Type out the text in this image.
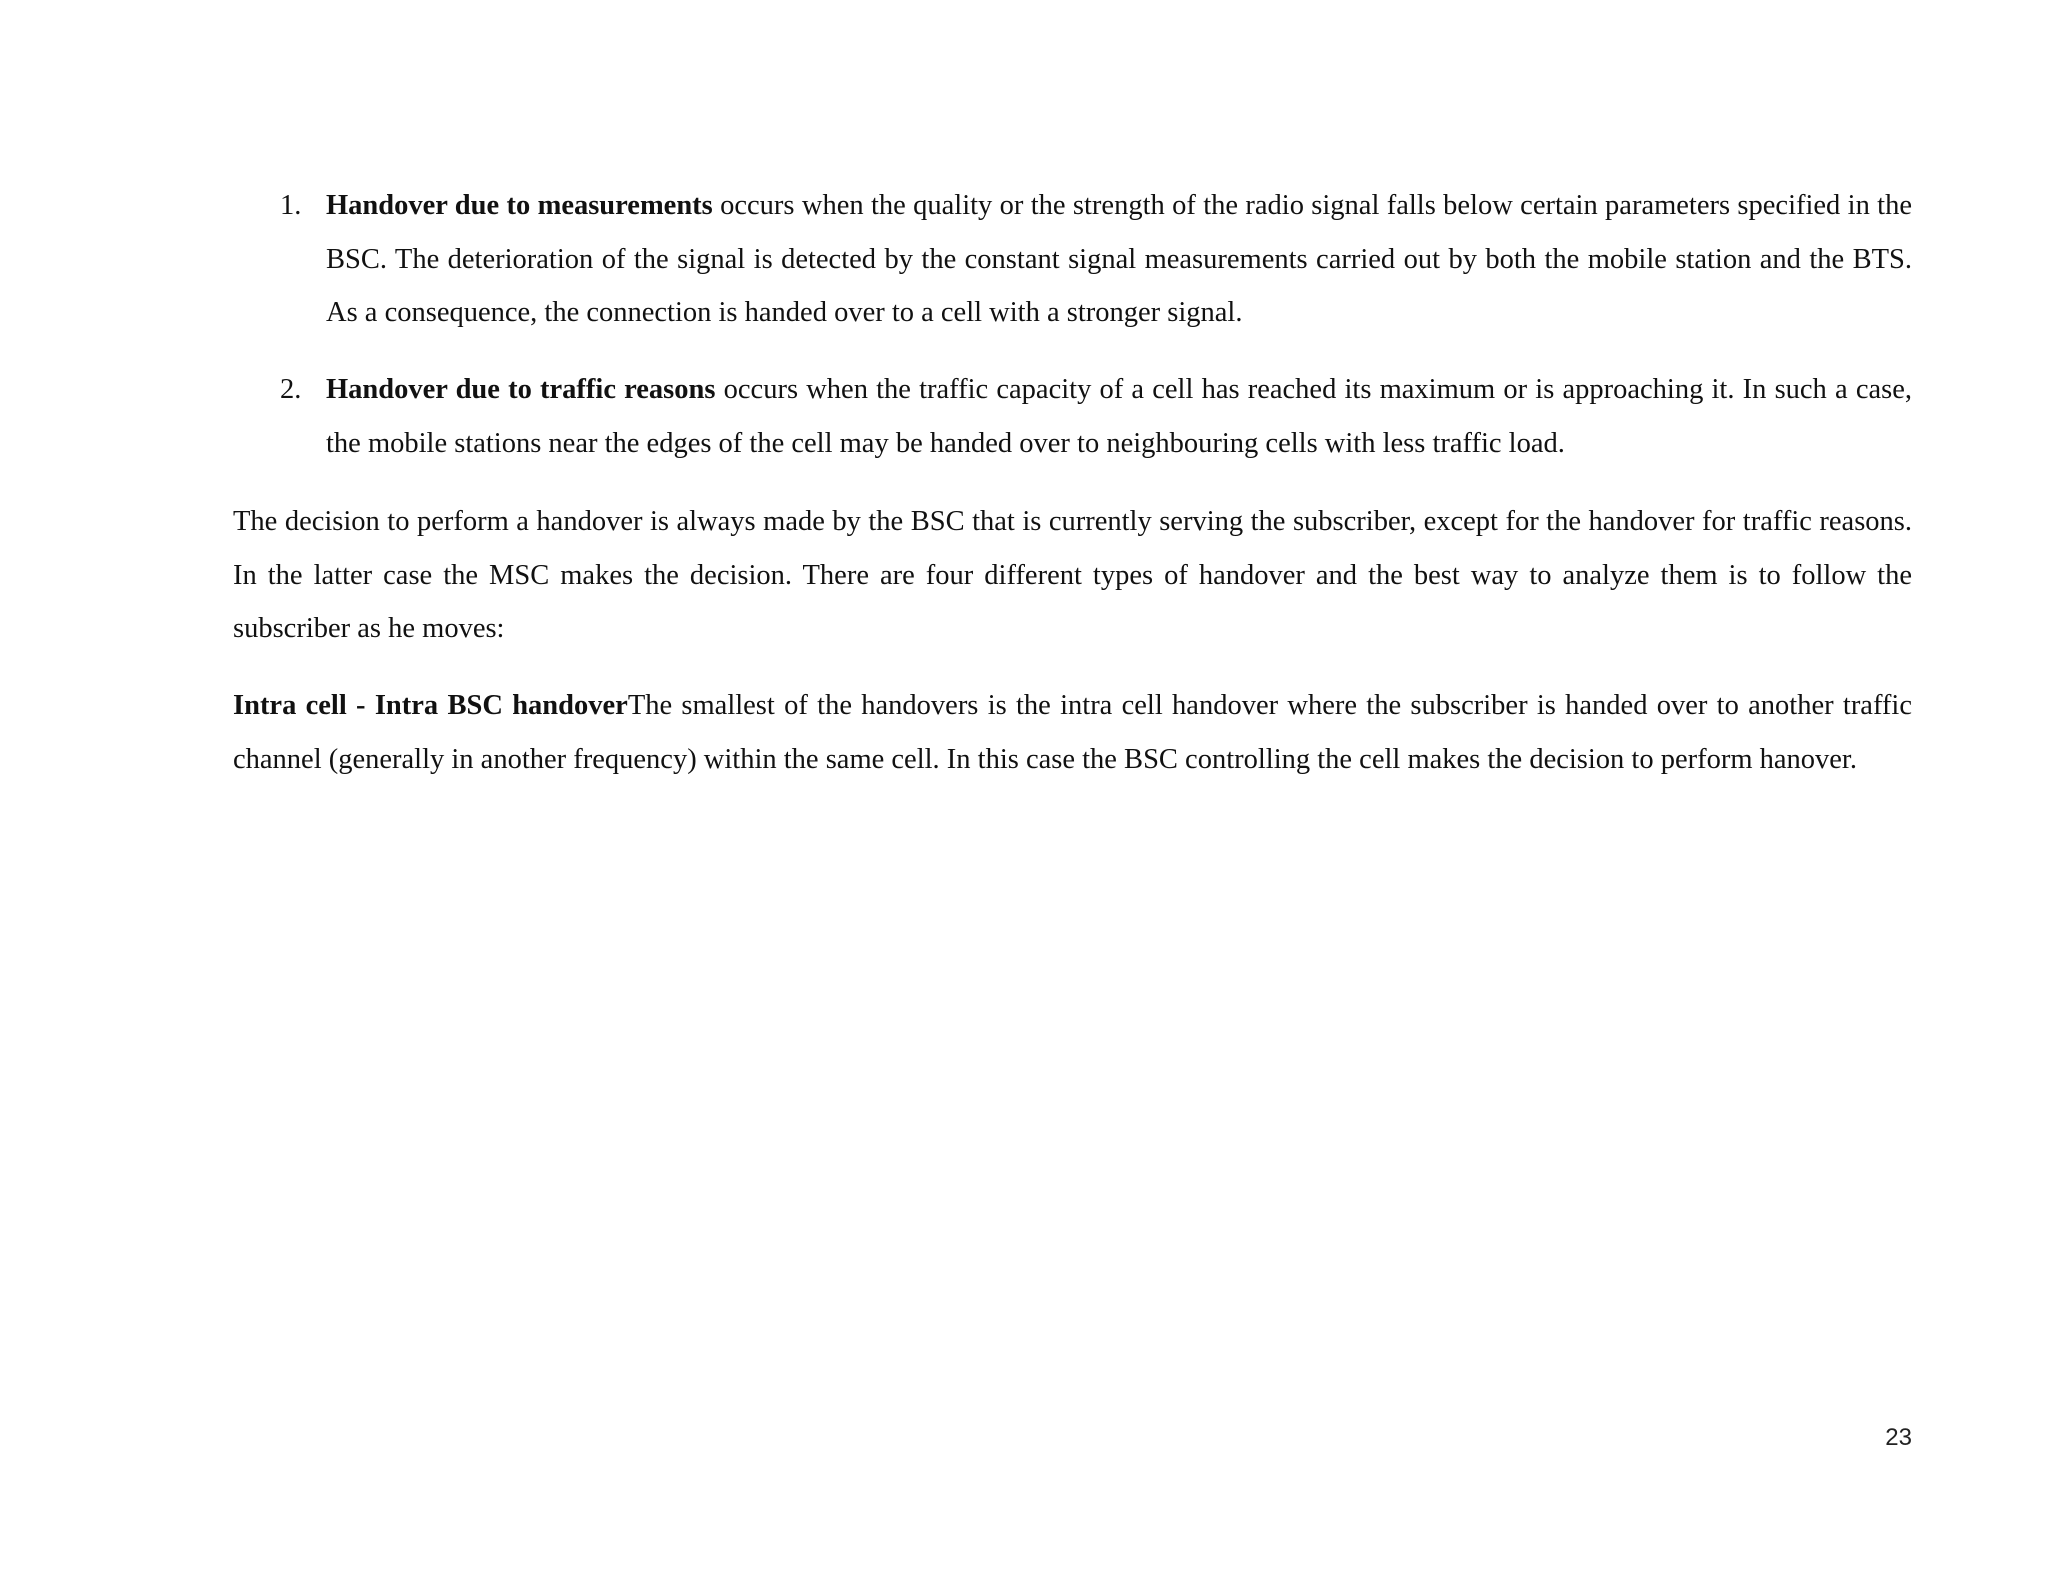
1. Handover due to measurements occurs when the quality or the strength of the radio signal falls below certain parameters specified in the BSC. The deterioration of the signal is detected by the constant signal measurements carried out by both the mobile station and the BTS. As a consequence, the connection is handed over to a cell with a stronger signal.
2. Handover due to traffic reasons occurs when the traffic capacity of a cell has reached its maximum or is approaching it. In such a case, the mobile stations near the edges of the cell may be handed over to neighbouring cells with less traffic load.

The decision to perform a handover is always made by the BSC that is currently serving the subscriber, except for the handover for traffic reasons. In the latter case the MSC makes the decision. There are four different types of handover and the best way to analyze them is to follow the subscriber as he moves:

Intra cell - Intra BSC handoverThe smallest of the handovers is the intra cell handover where the subscriber is handed over to another traffic channel (generally in another frequency) within the same cell. In this case the BSC controlling the cell makes the decision to perform hanover.

23
